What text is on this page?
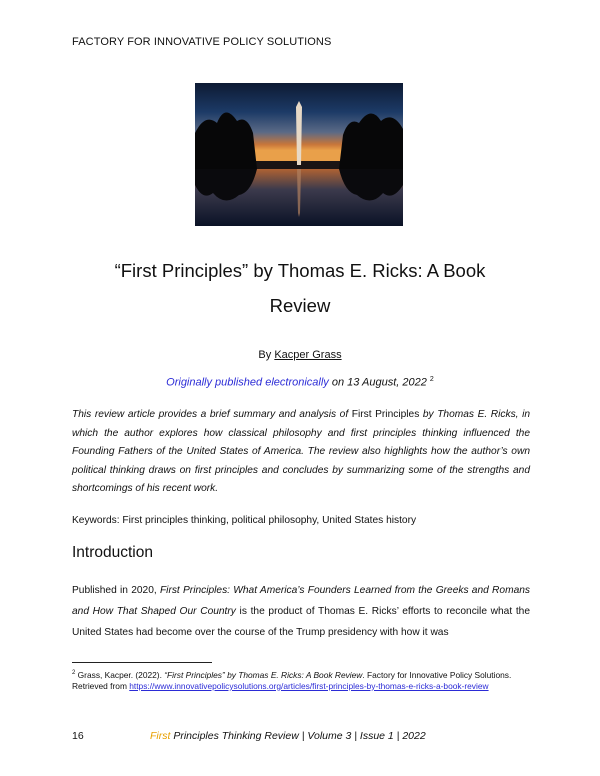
FACTORY FOR INNOVATIVE POLICY SOLUTIONS
“First Principles” by Thomas E. Ricks: A Book
Review
By Kacper Grass
Originally published electronically on 13 August, 2022 $^2$
This review article provides a brief summary and analysis of First Principles by Thomas E. Ricks, in which the author explores how classical philosophy and first principles thinking influenced the Founding Fathers of the United States of America. The review also highlights how the author’s own political thinking draws on first principles and concludes by summarizing some of the strengths and shortcomings of his recent work.
Keywords: First principles thinking, political philosophy, United States history
Introduction
Published in 2020, First Principles: What America’s Founders Learned from the Greeks and Romans and How That Shaped Our Country is the product of Thomas E. Ricks’ efforts to reconcile what the United States had become over the course of the Trump presidency with how it was
$^2$ Grass, Kacper. (2022). “First Principles” by Thomas E. Ricks: A Book Review. Factory for Innovative Policy Solutions. Retrieved from https://www.innovativepolicysolutions.org/articles/first-principles-by-thomas-e-ricks-a-book-review
16	First Principles Thinking Review | Volume 3 | Issue 1 | 2022
